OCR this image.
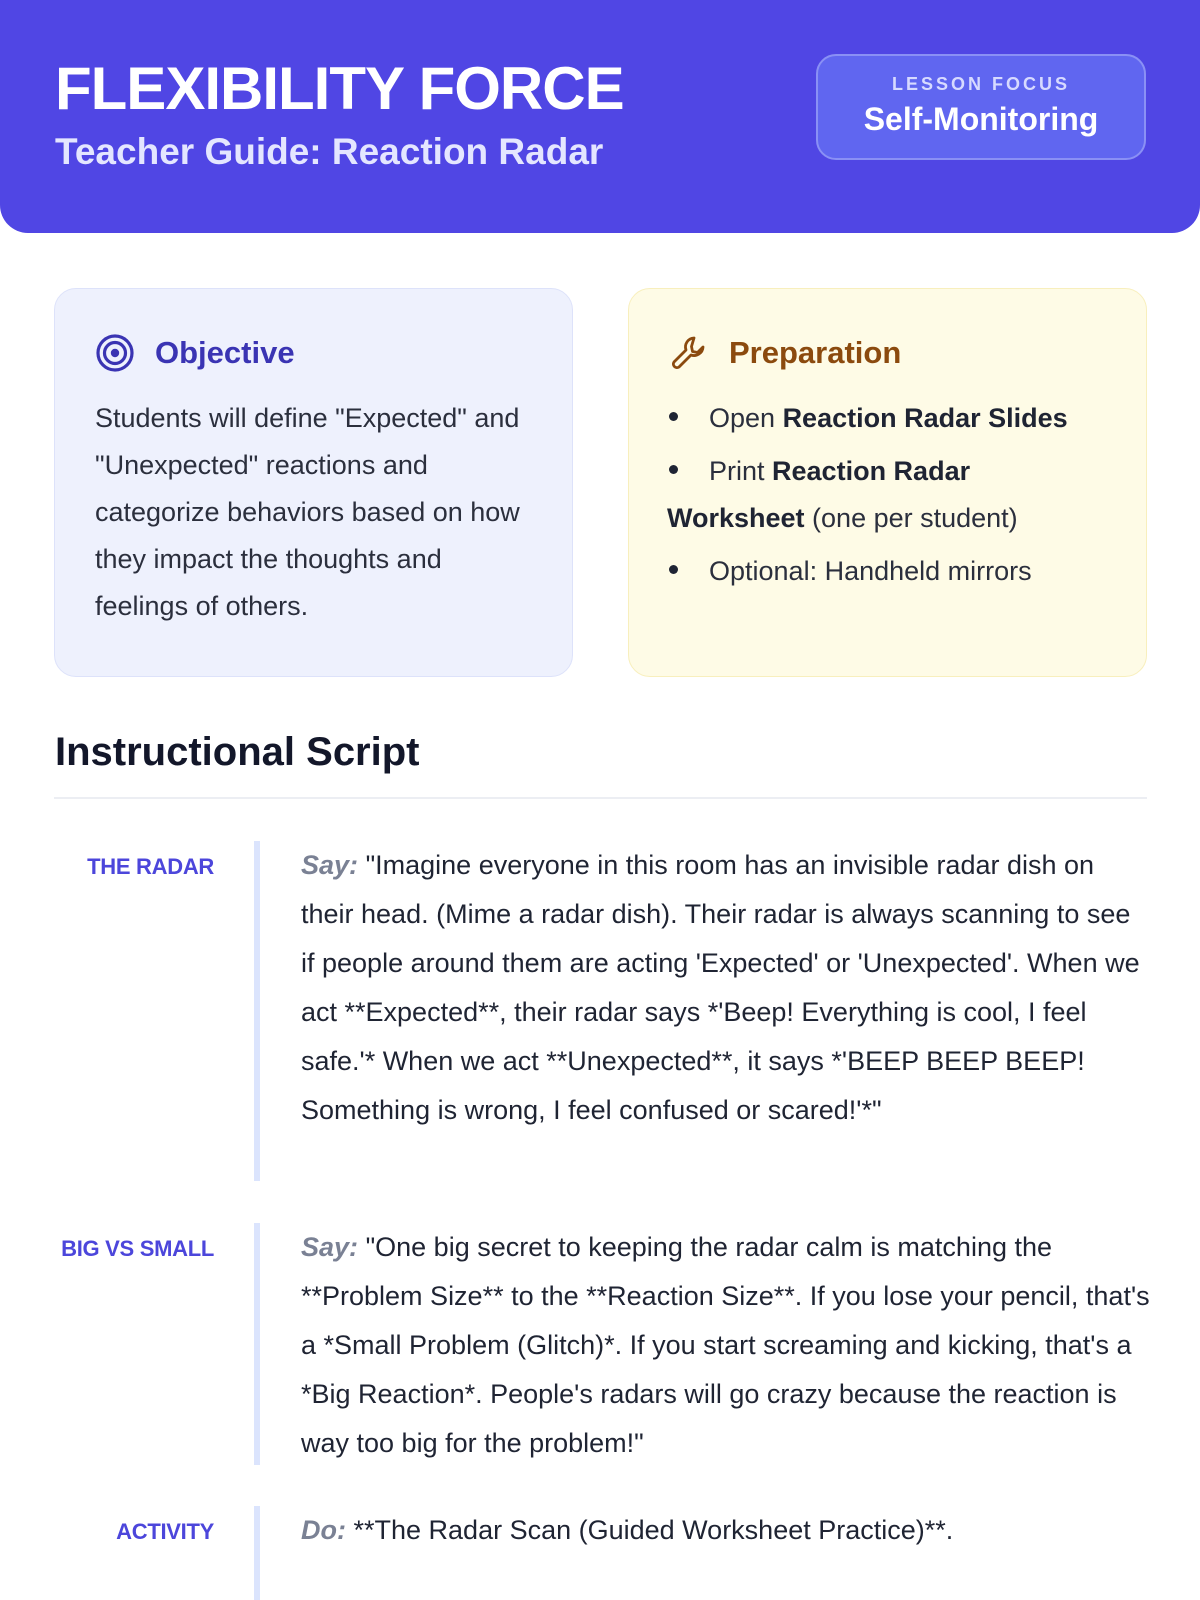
FLEXIBILITY FORCE
Teacher Guide: Reaction Radar
LESSON FOCUS
Self-Monitoring
Objective

Students will define "Expected" and "Unexpected" reactions and categorize behaviors based on how they impact the thoughts and feelings of others.

Preparation
Open Reaction Radar Slides
Print Reaction Radar Worksheet (one per student)
Optional: Handheld mirrors
Instructional Script
THE RADAR	Say: "Imagine everyone in this room has an invisible radar dish on their head. (Mime a radar dish). Their radar is always scanning to see if people around them are acting 'Expected' or 'Unexpected'. When we act **Expected**, their radar says *'Beep! Everything is cool, I feel safe.'* When we act **Unexpected**, it says *'BEEP BEEP BEEP! Something is wrong, I feel confused or scared!'*"

BIG VS SMALL	Say: "One big secret to keeping the radar calm is matching the **Problem Size** to the **Reaction Size**. If you lose your pencil, that's a *Small Problem (Glitch)*. If you start screaming and kicking, that's a *Big Reaction*. People's radars will go crazy because the reaction is way too big for the problem!"

ACTIVITY	Do: **The Radar Scan (Guided Worksheet Practice)**.
